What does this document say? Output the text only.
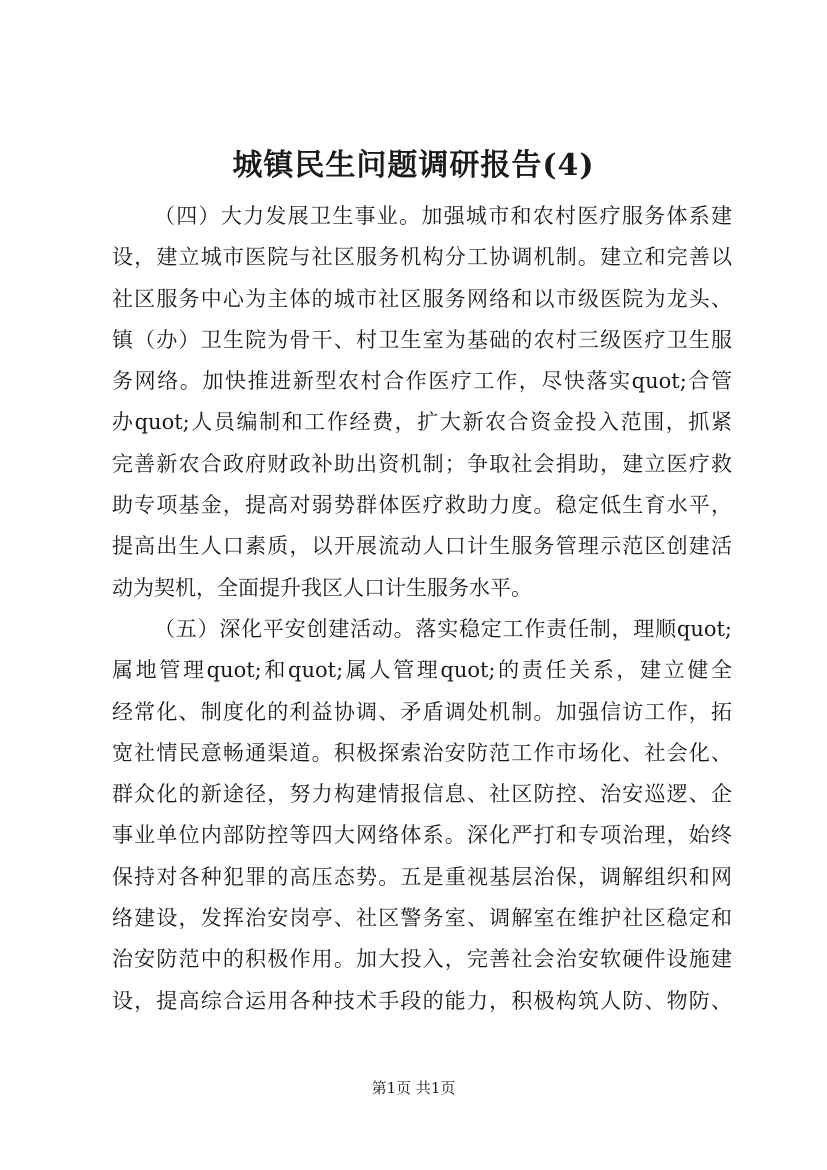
城镇民生问题调研报告(4)
（四）大力发展卫生事业。加强城市和农村医疗服务体系建
设，建立城市医院与社区服务机构分工协调机制。建立和完善以
社区服务中心为主体的城市社区服务网络和以市级医院为龙头、
镇（办）卫生院为骨干、村卫生室为基础的农村三级医疗卫生服
务网络。加快推进新型农村合作医疗工作，尽快落实quot;合管
办quot;人员编制和工作经费，扩大新农合资金投入范围，抓紧
完善新农合政府财政补助出资机制；争取社会捐助，建立医疗救
助专项基金，提高对弱势群体医疗救助力度。稳定低生育水平，
提高出生人口素质，以开展流动人口计生服务管理示范区创建活
动为契机，全面提升我区人口计生服务水平。
（五）深化平安创建活动。落实稳定工作责任制，理顺quot;
属地管理quot;和quot;属人管理quot;的责任关系，建立健全
经常化、制度化的利益协调、矛盾调处机制。加强信访工作，拓
宽社情民意畅通渠道。积极探索治安防范工作市场化、社会化、
群众化的新途径，努力构建情报信息、社区防控、治安巡逻、企
事业单位内部防控等四大网络体系。深化严打和专项治理，始终
保持对各种犯罪的高压态势。五是重视基层治保，调解组织和网
络建设，发挥治安岗亭、社区警务室、调解室在维护社区稳定和
治安防范中的积极作用。加大投入，完善社会治安软硬件设施建
设，提高综合运用各种技术手段的能力，积极构筑人防、物防、
第1页 共1页
